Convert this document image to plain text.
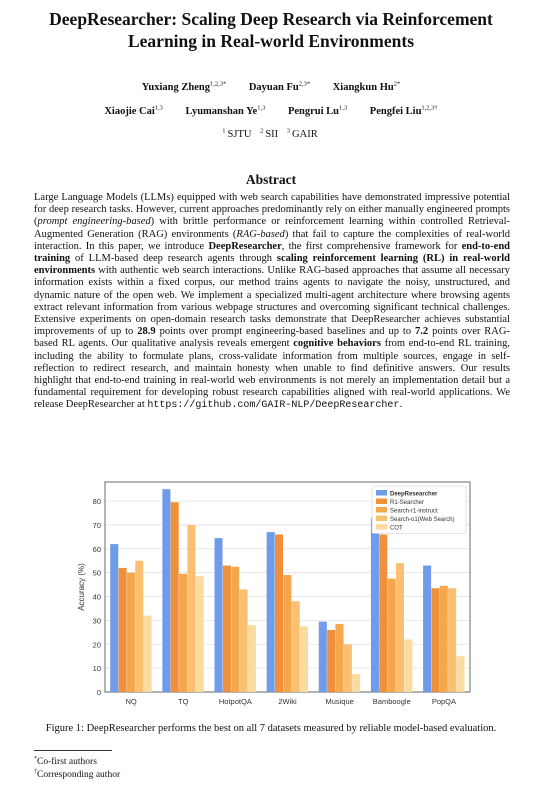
DeepResearcher: Scaling Deep Research via Reinforcement
Learning in Real-world Environments
Yuxiang Zheng$^{1,2,3*}$ Dayuan $Fu^{2,3*}$ Xiangkun $Hu^{2*}$
Xiaojie Cai$^{1,3}$ Lyumanshan Ye$^{1,3}$ Pengrui Lu$^{1,3}$ Pengfei Liu$^{1,2,3\dagger}$
$^1$ SJTU $^2$ SII $^3$ GAIR
Abstract
Large Language Models (LLMs) equipped with web search capabilities have demonstrated impressive potential for deep research tasks. However, current approaches predominantly rely on either manually engineered prompts (prompt engineering-based) with brittle performance or reinforcement learning within controlled Retrieval-Augmented Generation (RAG) environments (RAG-based) that fail to capture the complexities of real-world interaction. In this paper, we introduce DeepResearcher, the first comprehensive framework for end-to-end training of LLM-based deep research agents through scaling reinforcement learning (RL) in real-world environments with authentic web search interactions. Unlike RAG-based approaches that assume all necessary information exists within a fixed corpus, our method trains agents to navigate the noisy, unstructured, and dynamic nature of the open web. We implement a specialized multi-agent architecture where browsing agents extract relevant information from various webpage structures and overcoming significant technical challenges. Extensive experiments on open-domain research tasks demonstrate that DeepResearcher achieves substantial improvements of up to 28.9 points over prompt engineering-based baselines and up to 7.2 points over RAG-based RL agents. Our qualitative analysis reveals emergent cognitive behaviors from end-to-end RL training, including the ability to formulate plans, cross-validate information from multiple sources, engage in self-reflection to redirect research, and maintain honesty when unable to find definitive answers. Our results highlight that end-to-end training in real-world web environments is not merely an implementation detail but a fundamental requirement for developing robust research capabilities aligned with real-world applications. We release DeepResearcher at https://github.com/GAIR-NLP/DeepResearcher.
0
10
20
30
40
50
60
70
80
Accuracy (%)
NQ	TQ	HotpotQA	2Wiki	Musique	Bamboogle	PopQA
DeepResearcher
R1-Searcher
Search-r1-instruct
Search-o1(Web Search)
COT
Figure 1: DeepResearcher performs the best on all 7 datasets measured by reliable model-based evaluation.
*Co-first authors
†Corresponding author
